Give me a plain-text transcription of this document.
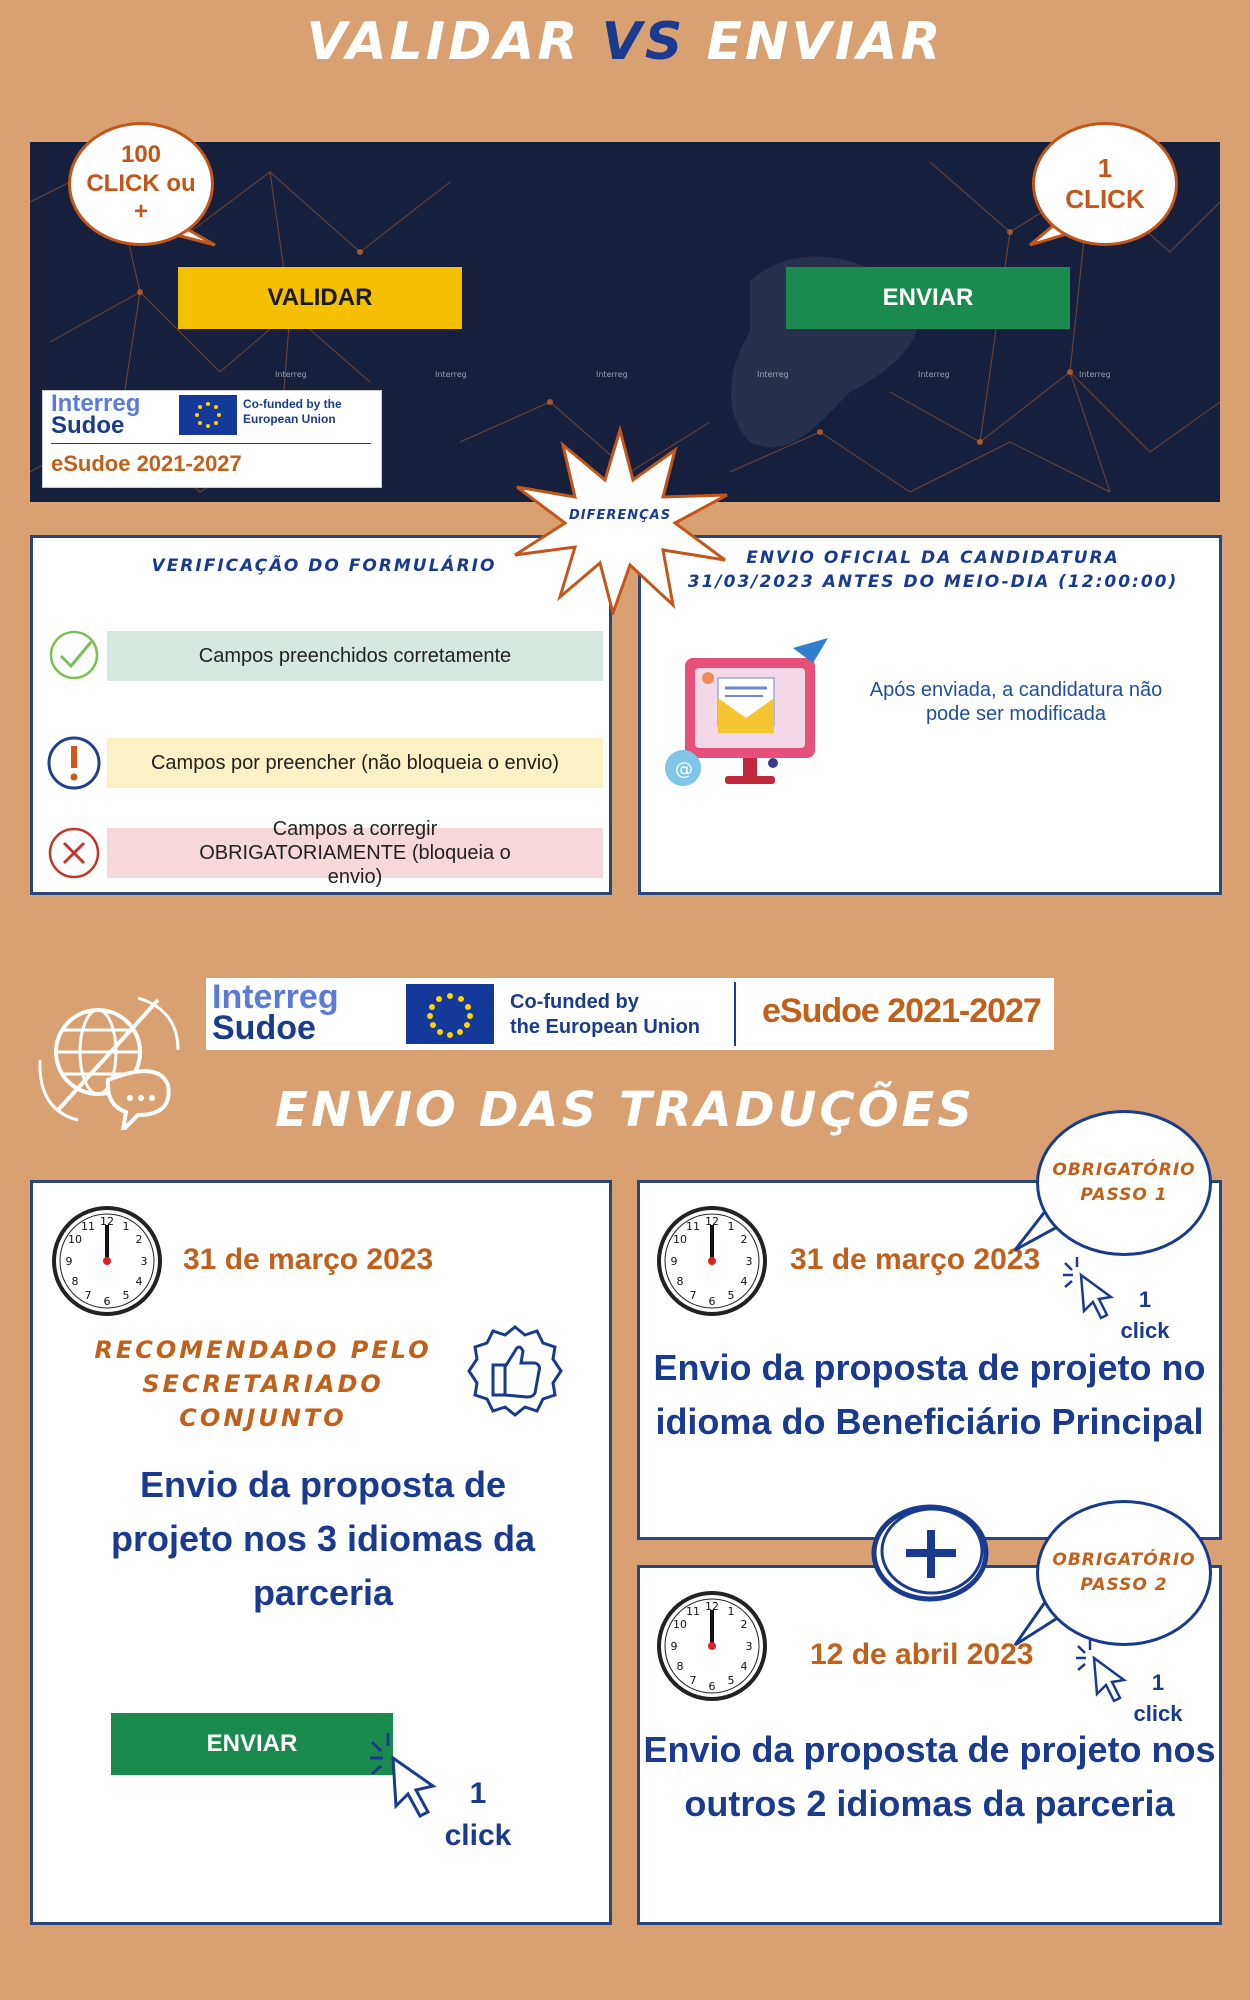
VALIDAR VS ENVIAR
Interreg	Interreg	Interreg	Interreg	Interreg	Interreg
Interreg
Sudoe
Co-funded by the European Union
eSudoe 2021-2027
VALIDAR	ENVIAR
100 CLICK ou +
1 CLICK
VERIFICAÇÃO DO FORMULÁRIO
Campos preenchidos corretamente
Campos por preencher (não bloqueia o envio)
Campos a corregir OBRIGATORIAMENTE (bloqueia o envio)
ENVIO OFICIAL DA CANDIDATURA
31/03/2023 ANTES DO MEIO-DIA (12:00:00)
@
Após enviada, a candidatura não pode ser modificada
DIFERENÇAS
Interreg
Sudoe
Co-funded by
the European Union eSudoe 2021-2027
ENVIO DAS TRADUÇÕES
12 1
2
3
4
5
6
7
8
9
10
11
31 de março 2023
RECOMENDADO PELO
SECRETARIADO CONJUNTO
Envio da proposta de projeto nos 3 idiomas da parceria
ENVIAR
1
click
12 1
2
3
4
5
6
7
8
9
10
11
31 de março 2023
1
click
Envio da proposta de projeto no idioma do Beneficiário Principal
12 1
2
3
4
5
6
7
8
9
10
11
12 de abril 2023
1
click
Envio da proposta de projeto nos outros 2 idiomas da parceria
OBRIGATÓRIO
PASSO 1
OBRIGATÓRIO
PASSO 2
